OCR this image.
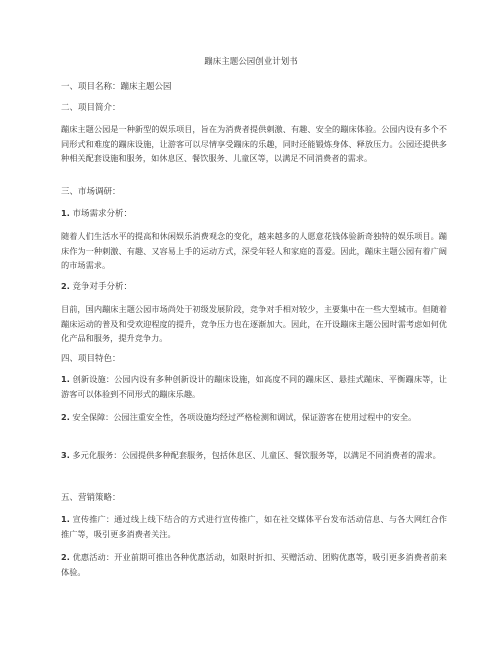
蹦床主题公园创业计划书
一、项目名称：蹦床主题公园
二、项目简介：
蹦床主题公园是一种新型的娱乐项目，旨在为消费者提供刺激、有趣、安全的蹦床体验。公园内设有多个不同形式和难度的蹦床设施，让游客可以尽情享受蹦床的乐趣，同时还能锻炼身体、释放压力。公园还提供多种相关配套设施和服务，如休息区、餐饮服务、儿童区等，以满足不同消费者的需求。
三、市场调研：
1. 市场需求分析：
随着人们生活水平的提高和休闲娱乐消费观念的变化，越来越多的人愿意花钱体验新奇独特的娱乐项目。蹦床作为一种刺激、有趣、又容易上手的运动方式，深受年轻人和家庭的喜爱。因此，蹦床主题公园有着广阔的市场需求。
2. 竞争对手分析：
目前，国内蹦床主题公园市场尚处于初级发展阶段，竞争对手相对较少，主要集中在一些大型城市。但随着蹦床运动的普及和受欢迎程度的提升，竞争压力也在逐渐加大。因此，在开设蹦床主题公园时需考虑如何优化产品和服务，提升竞争力。
四、项目特色：
1. 创新设施：公园内设有多种创新设计的蹦床设施，如高度不同的蹦床区、悬挂式蹦床、平衡蹦床等，让游客可以体验到不同形式的蹦床乐趣。
2. 安全保障：公园注重安全性，各项设施均经过严格检测和调试，保证游客在使用过程中的安全。
3. 多元化服务：公园提供多种配套服务，包括休息区、儿童区、餐饮服务等，以满足不同消费者的需求。
五、营销策略：
1. 宣传推广：通过线上线下结合的方式进行宣传推广，如在社交媒体平台发布活动信息、与各大网红合作推广等，吸引更多消费者关注。
2. 优惠活动：开业前期可推出各种优惠活动，如限时折扣、买赠活动、团购优惠等，吸引更多消费者前来体验。
